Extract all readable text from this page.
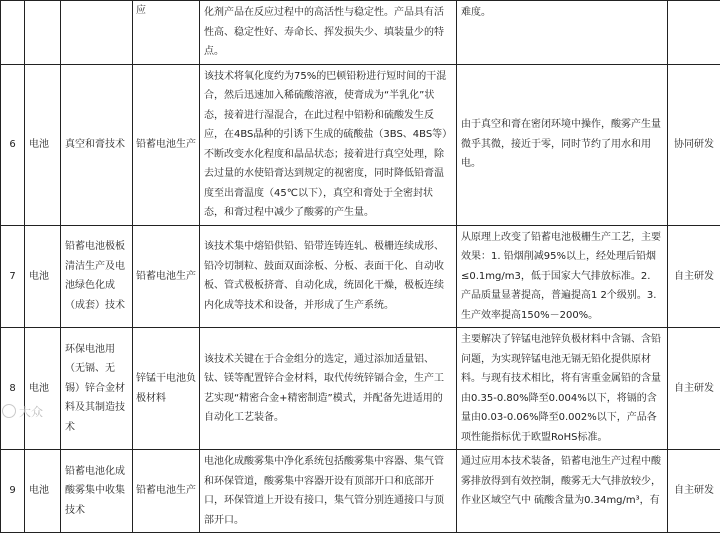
			应	化剂产品在反应过程中的高活性与稳定性。产品具有活性高、稳定性好、寿命长、挥发损失少、填装量少的特点。	难度。	
6	电池	真空和膏技术	铅蓄电池生产	该技术将氧化度约为75%的巴顿铅粉进行短时间的干混合，然后迅速加入稀硫酸溶液，使膏成为“半乳化”状态，接着进行湿混合，在此过程中铅粉和硫酸发生反应，在4BS晶种的引诱下生成的硫酸盐（3BS、4BS等）不断改变水化程度和晶品状态；接着进行真空处理，除去过量的水使铅膏达到规定的视密度，同时降低铅膏温度至出膏温度（45℃以下），真空和膏处于全密封状态，和膏过程中减少了酸雾的产生量。	由于真空和膏在密闭环境中操作，酸雾产生量微乎其微，接近于零，同时节约了用水和用电。	协同研发
7	电池	铅蓄电池极板清洁生产及电池绿色化成（成套）技术	铅蓄电池生产	该技术集中熔铅供铅、铅带连铸连轧、极栅连续成形、铅冷切制粒、鼓面双面涂板、分板、表面干化、自动收板、管式极板挤膏、自动化成，统固化干燥，极板连续内化成等技术和设备，并形成了生产系统。	从原理上改变了铅蓄电池极栅生产工艺，主要效果：1. 铅烟削减95%以上，经处理后铅烟≤0.1mg/m3，低于国家大气排放标准。2. 产品质量显著提高，普遍提高1 2个级别。3. 生产效率提高150%－200%。	自主研发
8	电池	环保电池用（无镉、无锡）锌合金材料及其制造技术	锌锰干电池负极材料	该技术关键在于合金组分的选定，通过添加适量铝、钛、镁等配置锌合金材料，取代传统锌镉合金，生产工艺实现“精密合金+精密制造”模式，并配备先进适用的自动化工艺装备。	主要解决了锌锰电池锌负极材料中含镉、含铅问题，为实现锌锰电池无镉无铅化提供原材料。与现有技术相比，将有害重金属铅的含量由0.35-0.80%降至0.004%以下，将镉的含量由0.03-0.06%降至0.002%以下，产品各项性能指标优于欧盟RoHS标准。	自主研发
9	电池	铅蓄电池化成酸雾集中收集技术	铅蓄电池生产	电池化成酸雾集中净化系统包括酸雾集中容器、集气管和环保管道，酸雾集中容器开设有顶部开口和底部开口，环保管道上开设有接口，集气管分别连通接口与顶部开口。	通过应用本技术装备，铅蓄电池生产过程中酸雾排放得到有效控制，酸雾无大气排放较少，作业区域空气中 硫酸含量为0.34mg/m³，有	自主研发
大众
